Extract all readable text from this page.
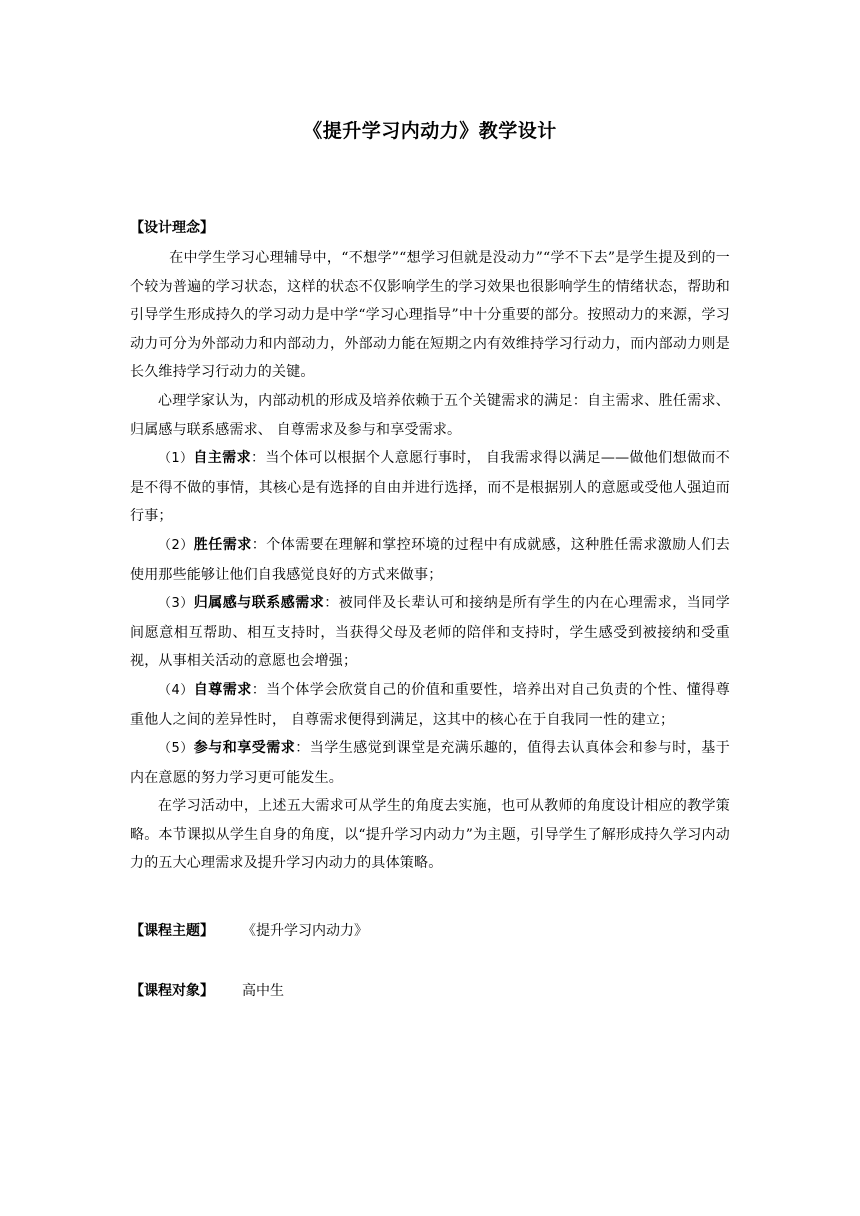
《提升学习内动力》教学设计
【设计理念】

在中学生学习心理辅导中，“不想学”“想学习但就是没动力”“学不下去”是学生提及到的一个较为普遍的学习状态，这样的状态不仅影响学生的学习效果也很影响学生的情绪状态，帮助和引导学生形成持久的学习动力是中学“学习心理指导”中十分重要的部分。按照动力的来源，学习动力可分为外部动力和内部动力，外部动力能在短期之内有效维持学习行动力，而内部动力则是长久维持学习行动力的关键。

心理学家认为，内部动机的形成及培养依赖于五个关键需求的满足：自主需求、胜任需求、归属感与联系感需求、 自尊需求及参与和享受需求。

（1）自主需求：当个体可以根据个人意愿行事时， 自我需求得以满足——做他们想做而不是不得不做的事情，其核心是有选择的自由并进行选择，而不是根据别人的意愿或受他人强迫而行事；

（2）胜任需求：个体需要在理解和掌控环境的过程中有成就感，这种胜任需求激励人们去使用那些能够让他们自我感觉良好的方式来做事；

（3）归属感与联系感需求：被同伴及长辈认可和接纳是所有学生的内在心理需求，当同学间愿意相互帮助、相互支持时，当获得父母及老师的陪伴和支持时，学生感受到被接纳和受重视，从事相关活动的意愿也会增强；

（4）自尊需求：当个体学会欣赏自己的价值和重要性，培养出对自己负责的个性、懂得尊重他人之间的差异性时， 自尊需求便得到满足，这其中的核心在于自我同一性的建立；

（5）参与和享受需求：当学生感觉到课堂是充满乐趣的，值得去认真体会和参与时，基于内在意愿的努力学习更可能发生。

在学习活动中，上述五大需求可从学生的角度去实施，也可从教师的角度设计相应的教学策略。本节课拟从学生自身的角度，以“提升学习内动力”为主题，引导学生了解形成持久学习内动力的五大心理需求及提升学习内动力的具体策略。

【课程主题】 《提升学习内动力》
【课程对象】 高中生
